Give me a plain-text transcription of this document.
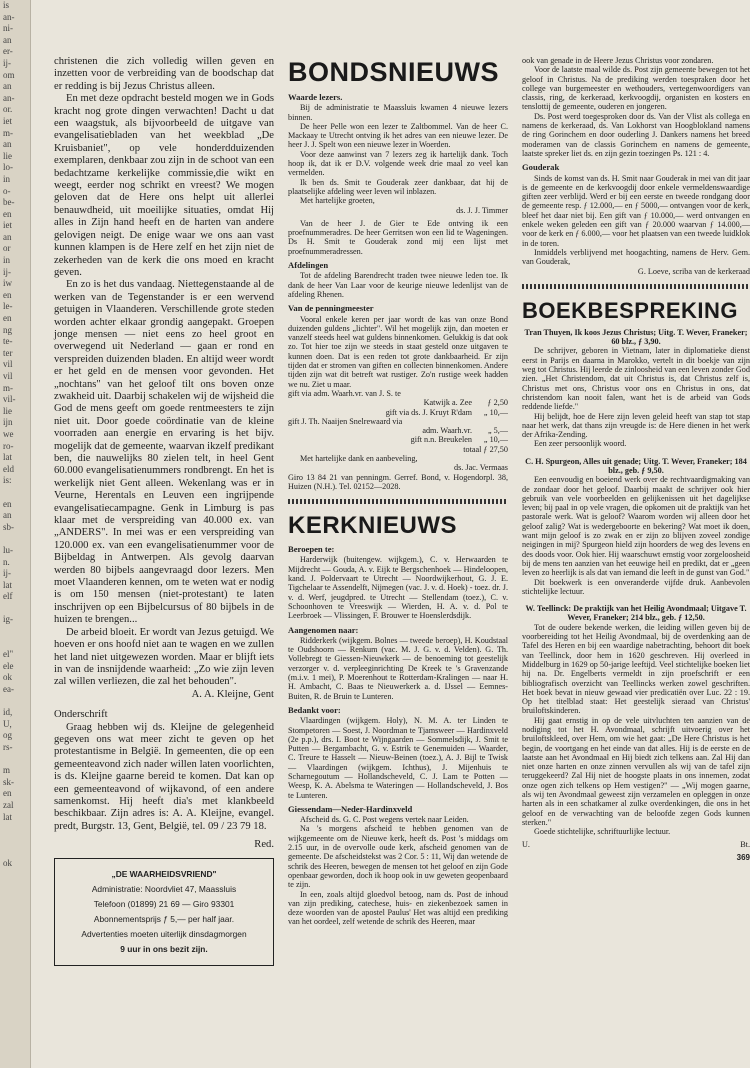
is
an-
ni-
an
er-
ij-
om
an
an-
or.
iet
m-
an
lie
lo-
in
o-
be-
en
iet
an
or
in
ij-
iw
en
le-
en
ng
te-
ter
vil
vil
m-
vil-
lie
ijn
we
ro-
lat
eld
is:

en
an
sb-

lu-
n.
ij-
lat
elf

ig-

el"
ele
ok
ea-

id,
U,
og
rs-

m
sk-
en
zal
lat

ok

christenen die zich volledig willen geven en inzetten voor de verbreiding van de boodschap dat er redding is bij Jezus Christus alleen.

En met deze opdracht besteld mogen we in Gods kracht nog grote dingen verwachten! Dacht u dat een waagstuk, als bijvoorbeeld de uitgave van evangelisatiebladen van het weekblad „De Kruisbaniet", op vele honderdduizenden exemplaren, denkbaar zou zijn in de schoot van een bedachtzame kerkelijke commissie,die wikt en weegt, eerder nog schrikt en vreest? We mogen geloven dat de Here ons helpt uit allerlei benauwdheid, uit moeilijke situaties, omdat Hij alles in Zijn hand heeft en de harten van andere gelovigen neigt. De enige waar we ons aan vast kunnen klampen is de Here zelf en het zijn niet de zekerheden van de kerk die ons moed en kracht geven.

En zo is het dus vandaag. Niettegenstaande al de werken van de Tegenstander is er een wervend getuigen in Vlaanderen. Verschillende grote steden worden achter elkaar grondig aangepakt. Groepen jonge mensen — niet eens zo heel groot en overwegend uit Nederland — gaan er rond en verspreiden duizenden bladen. En altijd weer wordt er het geld en de mensen voor gevonden. Het „nochtans" van het geloof tilt ons boven onze zwakheid uit. Daarbij schakelen wij de wijsheid die God de mens geeft om goede rentmeesters te zijn niet uit. Door goede coördinatie van de kleine voorraden aan energie en ervaring is het bijv. mogelijk dat de gemeente, waarvan ikzelf predikant ben, die nauwelijks 80 zielen telt, in heel Gent 60.000 evangelisatienummers rondbrengt. En het is werkelijk niet Gent alleen. Wekenlang was er in Veurne, Herentals en Leuven een ingrijpende evangelisatiecampagne. Genk in Limburg is pas klaar met de verspreiding van 40.000 ex. van „ANDERS". In mei was er een verspreiding van 120.000 ex. van een evangelisatienummer voor de Bijbeldag in Antwerpen. Als gevolg daarvan werden 80 bijbels aangevraagd door lezers. Men moet Vlaanderen kennen, om te weten wat er nodig is om 150 mensen (niet-protestant) te laten inschrijven op een Bijbelcursus of 80 bijbels in de huizen te brengen...

De arbeid bloeit. Er wordt van Jezus getuigd. We hoeven er ons hoofd niet aan te wagen en we zullen het land niet uitgewezen worden. Maar er blijft iets in van de insnijdende waarheid: „Zo wie zijn leven zal willen verliezen, die zal het behouden".

A. A. Kleijne, Gent

Onderschrift

Graag hebben wij ds. Kleijne de gelegenheid gegeven ons wat meer zicht te geven op het protestantisme in België. In gemeenten, die op een gemeenteavond zich nader willen laten voorlichten, is ds. Kleijne gaarne bereid te komen. Dat kan op een gemeenteavond of wijkavond, of een andere samenkomst. Hij heeft dia's met klankbeeld beschikbaar. Zijn adres is: A. A. Kleijne, evangel. predt, Burgstr. 13, Gent, België, tel. 09 / 23 79 18.

Red.

„DE WAARHEIDSVRIEND"

Administratie: Noordvliet 47, Maassluis

Telefoon (01899) 21 69 — Giro 93301

Abonnementsprijs ƒ 5,— per half jaar.

Advertenties moeten uiterlijk dinsdagmorgen

9 uur in ons bezit zijn.

BONDSNIEUWS

Waarde lezers.

Bij de administratie te Maassluis kwamen 4 nieuwe lezers binnen.

De heer Pelle won een lezer te Zaltbommel. Van de heer C. Mackaay te Utrecht ontving ik het adres van een nieuwe lezer. De heer J. J. Spelt won een nieuwe lezer in Woerden.

Voor deze aanwinst van 7 lezers zeg ik hartelijk dank. Toch hoop ik, dat ik er D.V. volgende week drie maal zo veel kan vermelden.

Ik ben ds. Smit te Gouderak zeer dankbaar, dat hij de plaatselijke afdeling weer leven wil inblazen.

Met hartelijke groeten,

ds. J. J. Timmer

Van de heer J. de Gier te Ede ontving ik een proefnummeradres. De heer Gerritsen won een lid te Wageningen. Ds H. Smit te Gouderak zond mij een lijst met proefnummeradressen.

Afdelingen

Tot de afdeling Barendrecht traden twee nieuwe leden toe. Ik dank de heer Van Laar voor de keurige nieuwe ledenlijst van de afdeling Rhenen.

Van de penningmeester

Vooral enkele keren per jaar wordt de kas van onze Bond duizenden guldens „lichter". Wil het mogelijk zijn, dan moeten er vanzelf steeds heel wat guldens binnenkomen. Gelukkig is dat ook zo. Tot hier toe zijn we steeds in staat gesteld onze uitgaven te kunnen doen. Dat is een reden tot grote dankbaarheid. Er zijn tijden dat er stromen van giften en collecten binnenkomen. Andere tijden zijn wat dit betreft wat rustiger. Zo'n rustige week hadden we nu. Ziet u maar.

gift via adm. Waarh.vr. van J. S. te

Katwijk a. Zee	ƒ 2,50
gift via ds. J. Kruyt R'dam	„ 10,—
gift J. Th. Naaijen Snelrewaard via	
adm. Waarh.vr.	„ 5,—
gift n.n. Breukelen	„ 10,—

totaal ƒ 27,50

Met hartelijke dank en aanbeveling,

ds. Jac. Vermaas

Giro 13 84 21 van penningm. Gerref. Bond, v. Hogendorpl. 38, Huizen (N.H.). Tel. 02152—2028.

KERKNIEUWS

Beroepen te:

Harderwijk (buitengew. wijkgem.), C. v. Herwaarden te Mijdrecht — Gouda, A. v. Eijk te Bergschenhoek — Hindeloopen, kand. J. Poldervaart te Utrecht — Noordwijkerhout, G. J. E. Tigchelaar te Assendelft, Nijmegen (vac. J. v. d. Hoek) - toez. dr. J. v. d. Werf, jeugdpred. te Utrecht — Stellendam (toez.), C. v. Schoonhoven te Vreeswijk — Wierden, H. A. v. d. Pol te Leerbroek — Vlissingen, F. Brouwer te Hoenslerdsdijk.

Aangenomen naar:

Ridderkerk (wijkgem. Bolnes — tweede beroep), H. Koudstaal te Oudshoorn — Renkum (vac. M. J. G. v. d. Velden). G. Th. Vollebregt te Giessen-Nieuwkerk — de benoeming tot geestelijk verzorger v. d. verpleeginrichting De Kreek te 's Gravenzande (m.i.v. 1 mei), P. Moerenhout te Rotterdam-Kralingen — naar H. H. Ambacht, C. Baas te Nieuwerkerk a. d. IJssel — Eemnes-Buiten, R. de Bruin te Lunteren.

Bedankt voor:

Vlaardingen (wijkgem. Holy), N. M. A. ter Linden te Stompetoren — Soest, J. Noordman te Tjamsweer — Hardinxveld (2e p.p.), drs. I. Boot te Wijngaarden — Sommelsdijk, J. Smit te Putten — Bergambacht, G. v. Estrik te Genemuiden — Waarder, C. Treure te Hasselt — Nieuw-Beinen (toez.), A. J. Bijl te Twisk — Vlaardingen (wijkgem. Ichthus), J. Mijenhuis te Scharnegoutum — Hollandscheveld, C. J. Lam te Potten — Weesp, K. A. Abelsma te Wateringen — Hollandscheveld, J. Bos te Lunteren.

Giessendam—Neder-Hardinxveld

Afscheid ds. G. C. Post wegens vertek naar Leiden.

Na 's morgens afscheid te hebben genomen van de wijkgemeente om de Nieuwe kerk, heeft ds. Post 's middags om 2.15 uur, in de overvolle oude kerk, afscheid genomen van de gemeente. De afscheidstekst was 2 Cor. 5 : 11, Wij dan wetende de schrik des Heeren, bewegen de mensen tot het geloof en zijn Gode openbaar geworden, doch ik hoop ook in uw geweten geopenbaard te zijn.

In een, zoals altijd gloedvol betoog, nam ds. Post de inhoud van zijn prediking, catechese, huis- en ziekenbezoek samen in deze woorden van de apostel Paulus' Het was altijd een prediking van het oordeel, zelf wetende de schrik des Heeren, maar

ook van genade in de Heere Jezus Christus voor zondaren.

Voor de laatste maal wilde ds. Post zijn gemeente bewegen tot het geloof in Christus. Na de prediking werden toespraken door het college van burgemeester en wethouders, vertegenwoordigers van classis, ring, de kerkeraad, kerkvoogdij, organisten en kosters en tenslottij de gemeente, ouderen en jongeren.

Ds. Post werd toegesproken door ds. Van der Vlist als collega en namens de kerkeraad, ds. Van Lokhorst van Hoogblokland namens de ring Gorinchem en door ouderling J. Dankers namens het breed moderamen van de classis Gorinchem en namens de gemeente, laatste spreker liet ds. en zijn gezin toezingen Ps. 121 : 4.

Gouderak

Sinds de komst van ds. H. Smit naar Gouderak in mei van dit jaar is de gemeente en de kerkvoogdij door enkele vermeldenswaardige giften zeer verblijd. Werd er bij een eerste en tweede rondgang door de gemeente resp. ƒ 12.000,— en ƒ 5000,— ontvangen voor de kerk, bleef het daar niet bij. Een gift van ƒ 10.000,— werd ontvangen en enkele weken geleden een gift van ƒ 20.000 waarvan ƒ 14.000,— voor de kerk en ƒ 6.000,— voor het plaatsen van een tweede luidklok in de toren.

Inmiddels verblijvend met hoogachting, namens de Herv. Gem. van Gouderak,

G. Loeve, scriba van de kerkeraad

BOEKBESPREKING

Tran Thuyen, Ik koos Jezus Christus; Uitg. T. Wever, Franeker; 60 blz., ƒ 3,90.

De schrijver, geboren in Vietnam, later in diplomatieke dienst eerst in Parijs en daarna in Marokko, vertelt in dit boekje van zijn weg tot Christus. Hij leerde de zinloosheid van een leven zonder God zien. „Het Christendom, dat uit Christus is, dat Christus zelf is, Christus met ons, Christus voor ons en Christus in ons, dat christendom kan nooit falen, want het is de arbeid van Gods reddende liefde."

Hij belijdt, hoe de Here zijn leven geleid heeft van stap tot stap naar het werk, dat thans zijn vreugde is: de Here dienen in het werk der Afrika-Zending.

Een zeer persoonlijk woord.

C. H. Spurgeon, Alles uit genade; Uitg. T. Wever, Franeker; 184 blz., geb. ƒ 9,50.

Een eenvoudig en boeiend werk over de rechtvaardigmaking van de zondaar door het geloof. Daarbij maakt de schrijver ook hier gebruik van vele voorbeelden en gelijkenissen uit het dagelijkse leven; bij paal in op vele vragen, die opkomen uit de praktijk van het pastorale werk. Wat is geloof? Waarom worden wij alleen door het geloof zalig? Wat is wedergeboorte en bekering? Wat moet ik doen, want mijn geloof is zo zwak en er zijn zo blijven zoveel zondige neigingen in mij? Spurgeon hield zijn hoorders de weg des levens en des doods voor. Ook hier. Hij waarschuwt ernstig voor zorgeloosheid bij de mens ten aanzien van het eeuwige heil en predikt, dat er „geen leven zo heerlijk is als dat van iemand die leeft in de gunst van God."

Dit boekwerk is een onveranderde vijfde druk. Aanbevolen stichtelijke lectuur.

W. Teellinck: De praktijk van het Heilig Avondmaal; Uitgave T. Wever, Franeker; 214 blz., geb. ƒ 12,50.

Tot de oudere bekende werken, die leiding willen geven bij de voorbereiding tot het Heilig Avondmaal, bij de overdenking aan de Tafel des Heren en bij een waardige nabetrachting, behoort dit boek van Teellinck, door hem in 1620 geschreven. Hij overleed in Middelburg in 1629 op 50-jarige leeftijd. Veel stichtelijke boeken liet hij na. Dr. Engelberts vermeldt in zijn proefschrift er een bibliografisch overzicht van Teellincks werken zowel geschriften. Het boek bevat in nieuw gewaad vier predicatiën over Luc. 22 : 19. Op het titelblad staat: Het geestelijk sieraad van Christus' bruiloftskinderen.

Hij gaat ernstig in op de vele uitvluchten ten aanzien van de nodiging tot het H. Avondmaal, schrijft uitvoerig over het bruiloftskleed, over Hem, om wie het gaat: „De Here Christus is het begin, de voortgang en het einde van dat alles. Hij is de eerste en de laatste aan het Avondmaal en Hij biedt zich telkens aan. Zal Hij dan niet onze harten en onze zinnen vervullen als wij van de tafel zijn teruggekeerd? Zal Hij niet de hoogste plaats in ons innemen, zodat onze ogen zich telkens op Hem vestigen?" — „Wij mogen gaarne, als wij ten Avondmaal geweest zijn verzamelen en opleggen in onze harten als in een schatkamer al zulke overdenkingen, die ons in het geloof en de verwachting van de beloofde zegen Gods kunnen sterken."

Goede stichtelijke, schriftuurlijke lectuur.

U.	Bt.

369
